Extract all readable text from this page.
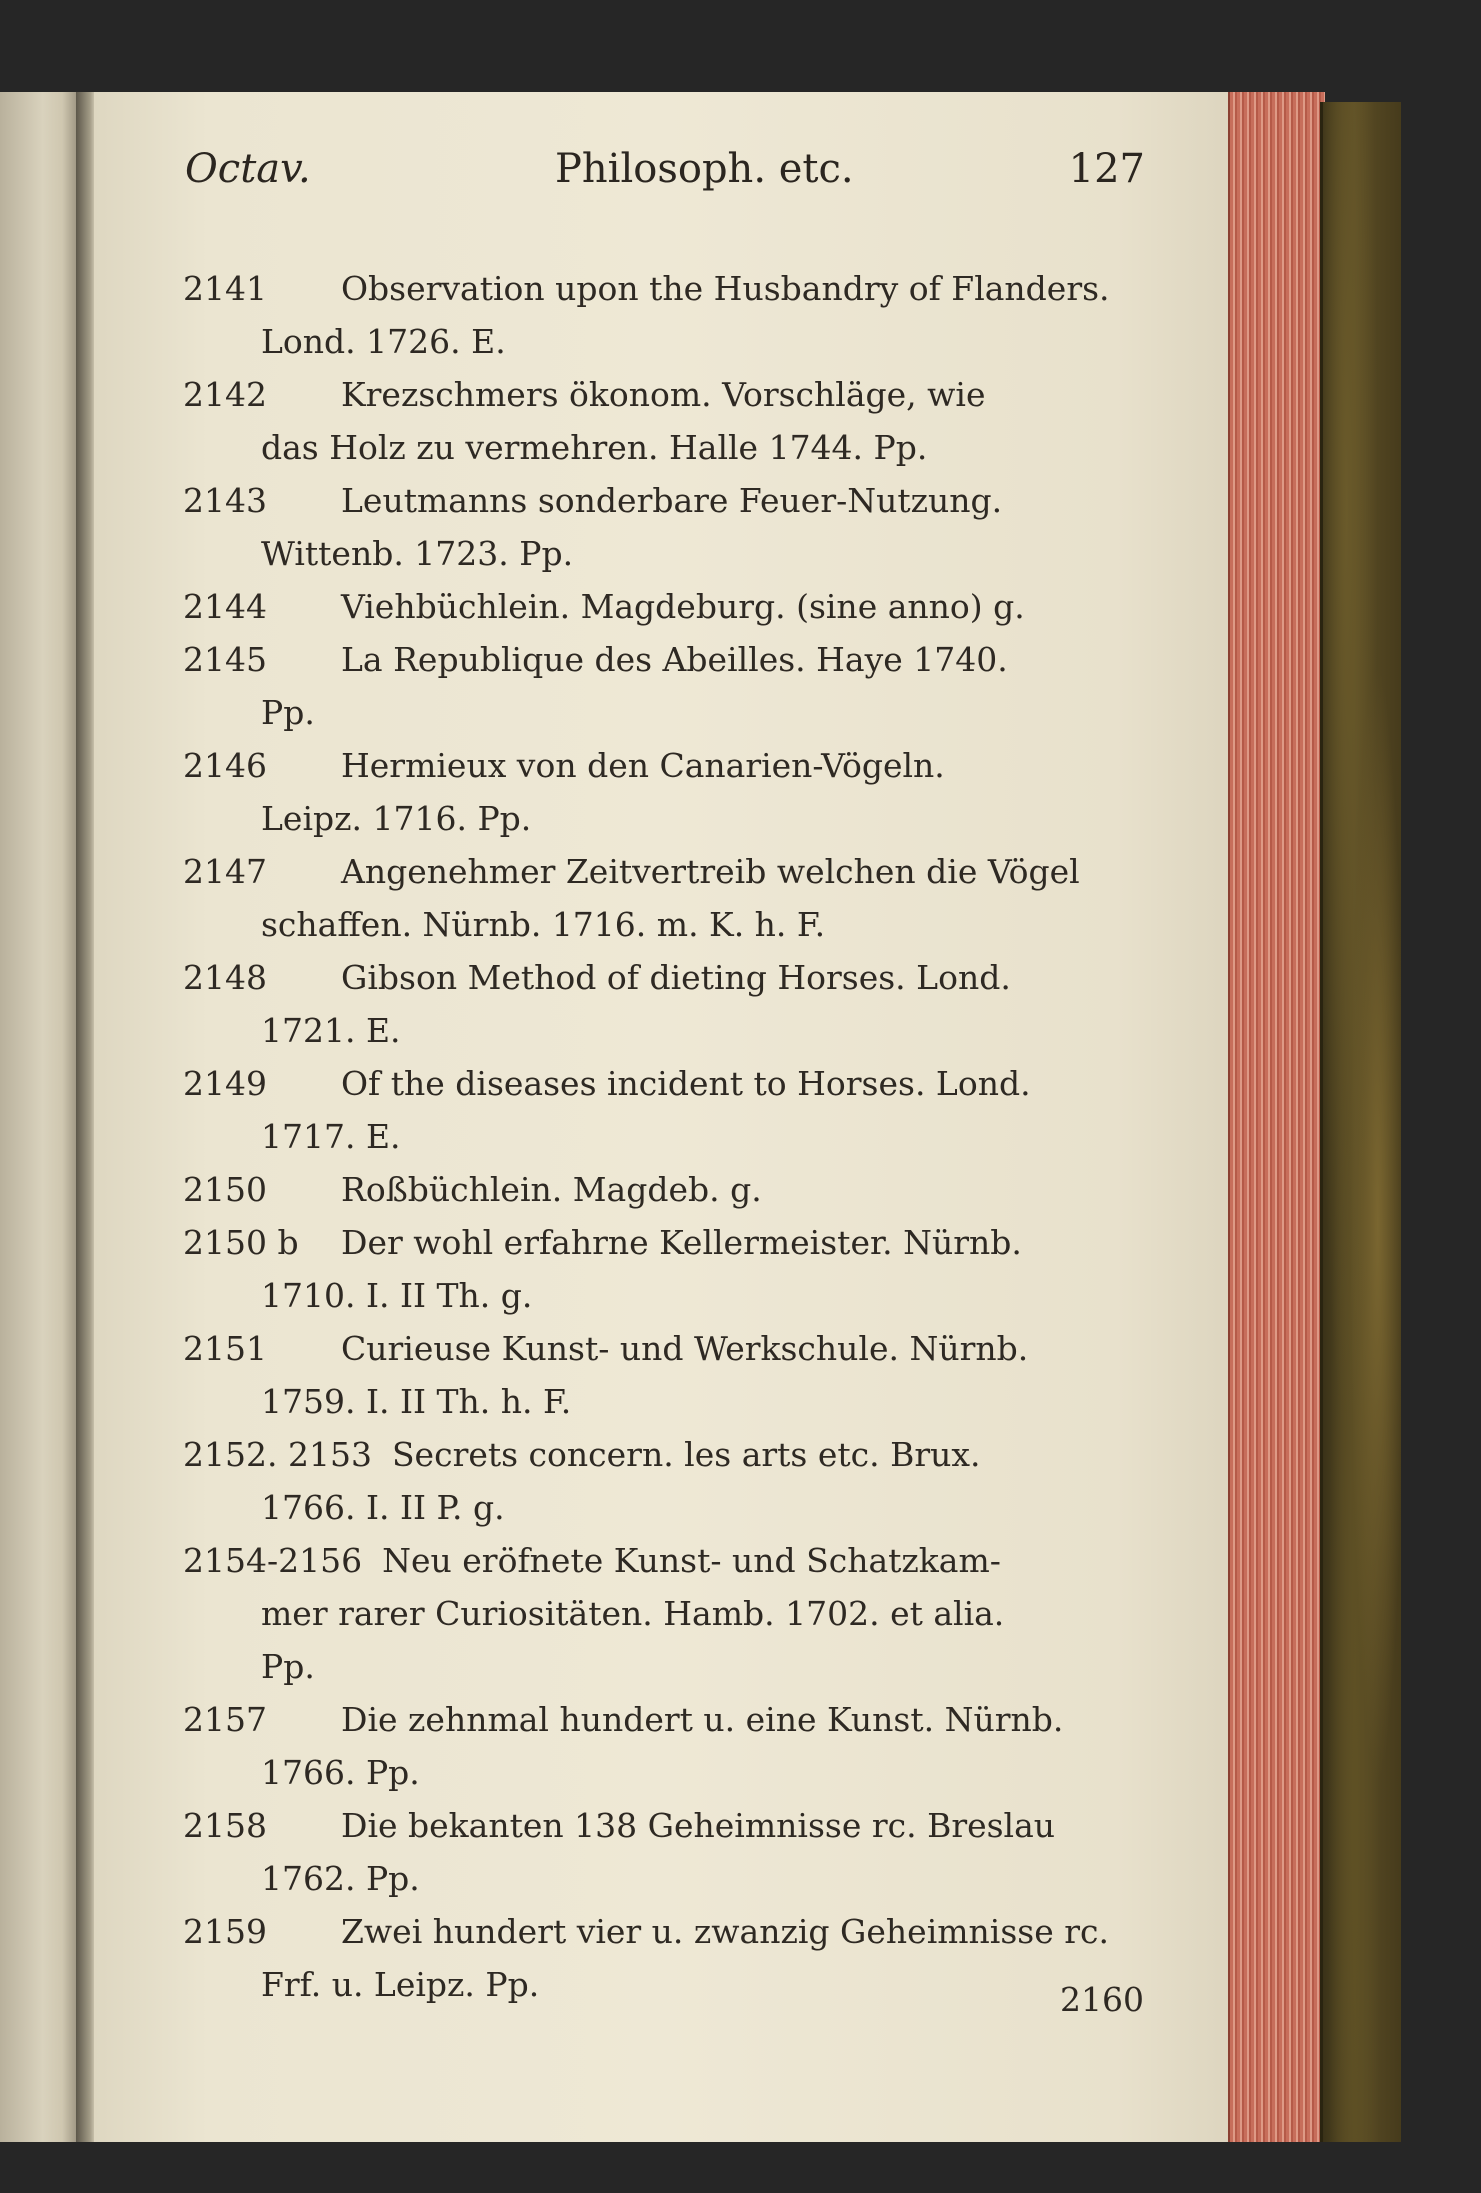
Octav.	Philosoph. etc.	127
2141 Observation upon the Husbandry of Flanders.
Lond. 1726. E.
2142 Krezschmers ökonom. Vorschläge, wie
das Holz zu vermehren. Halle 1744. Pp.
2143 Leutmanns sonderbare Feuer-Nutzung.
Wittenb. 1723. Pp.
2144 Viehbüchlein. Magdeburg. (sine anno) g.
2145 La Republique des Abeilles. Haye 1740.
Pp.
2146 Hermieux von den Canarien-Vögeln.
Leipz. 1716. Pp.
2147 Angenehmer Zeitvertreib welchen die Vögel
schaffen. Nürnb. 1716. m. K. h. F.
2148 Gibson Method of dieting Horses. Lond.
1721. E.
2149 Of the diseases incident to Horses. Lond.
1717. E.
2150 Roßbüchlein. Magdeb. g.
2150 b Der wohl erfahrne Kellermeister. Nürnb.
1710. I. II Th. g.
2151 Curieuse Kunst- und Werkschule. Nürnb.
1759. I. II Th. h. F.
2152. 2153 Secrets concern. les arts etc. Brux.
1766. I. II P. g.
2154-2156 Neu eröfnete Kunst- und Schatzkam-
mer rarer Curiositäten. Hamb. 1702. et alia.
Pp.
2157 Die zehnmal hundert u. eine Kunst. Nürnb.
1766. Pp.
2158 Die bekanten 138 Geheimnisse rc. Breslau
1762. Pp.
2159 Zwei hundert vier u. zwanzig Geheimnisse rc.
Frf. u. Leipz. Pp.	2160
